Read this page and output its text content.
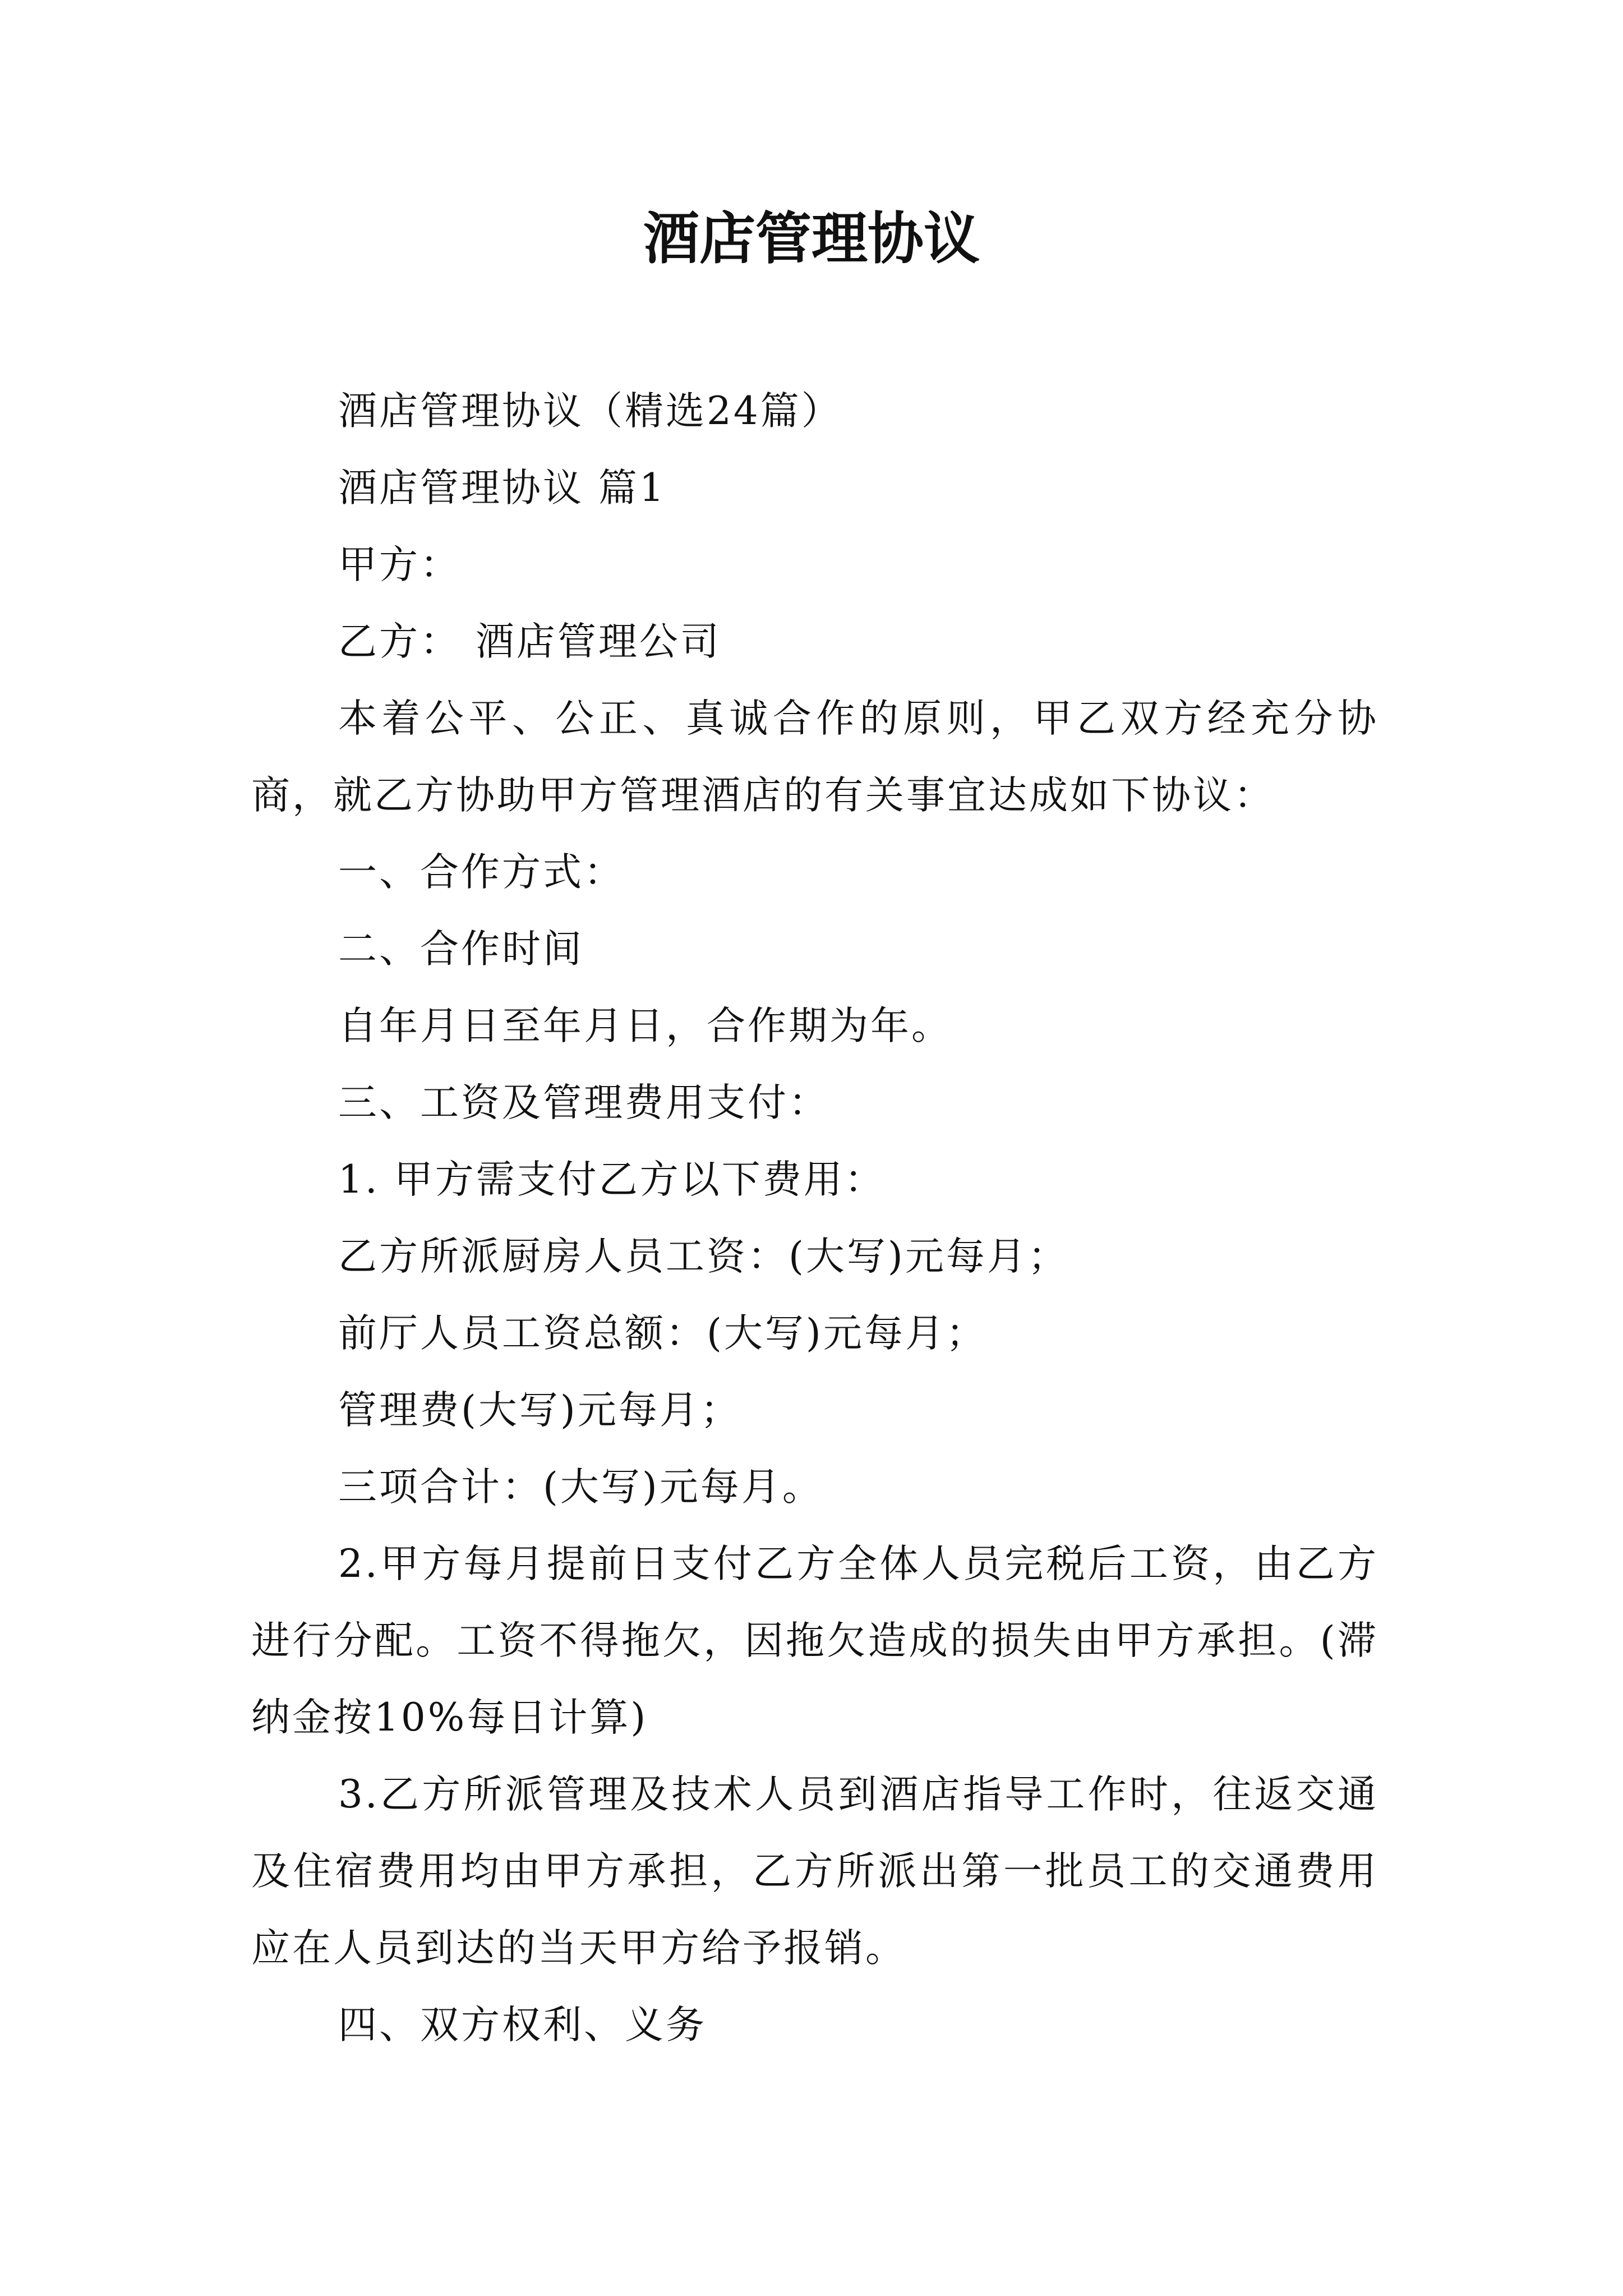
酒店管理协议

酒店管理协议（精选24篇）

酒店管理协议 篇1

甲方：

乙方： 酒店管理公司

本着公平、公正、真诚合作的原则，甲乙双方经充分协商，就乙方协助甲方管理酒店的有关事宜达成如下协议：

一、合作方式：

二、合作时间

自年月日至年月日，合作期为年。

三、工资及管理费用支付：

1. 甲方需支付乙方以下费用：

乙方所派厨房人员工资：(大写)元每月；

前厅人员工资总额：(大写)元每月；

管理费(大写)元每月；

三项合计：(大写)元每月。

2.甲方每月提前日支付乙方全体人员完税后工资，由乙方进行分配。工资不得拖欠，因拖欠造成的损失由甲方承担。(滞纳金按10%每日计算)

3.乙方所派管理及技术人员到酒店指导工作时，往返交通及住宿费用均由甲方承担，乙方所派出第一批员工的交通费用应在人员到达的当天甲方给予报销。

四、双方权利、义务
